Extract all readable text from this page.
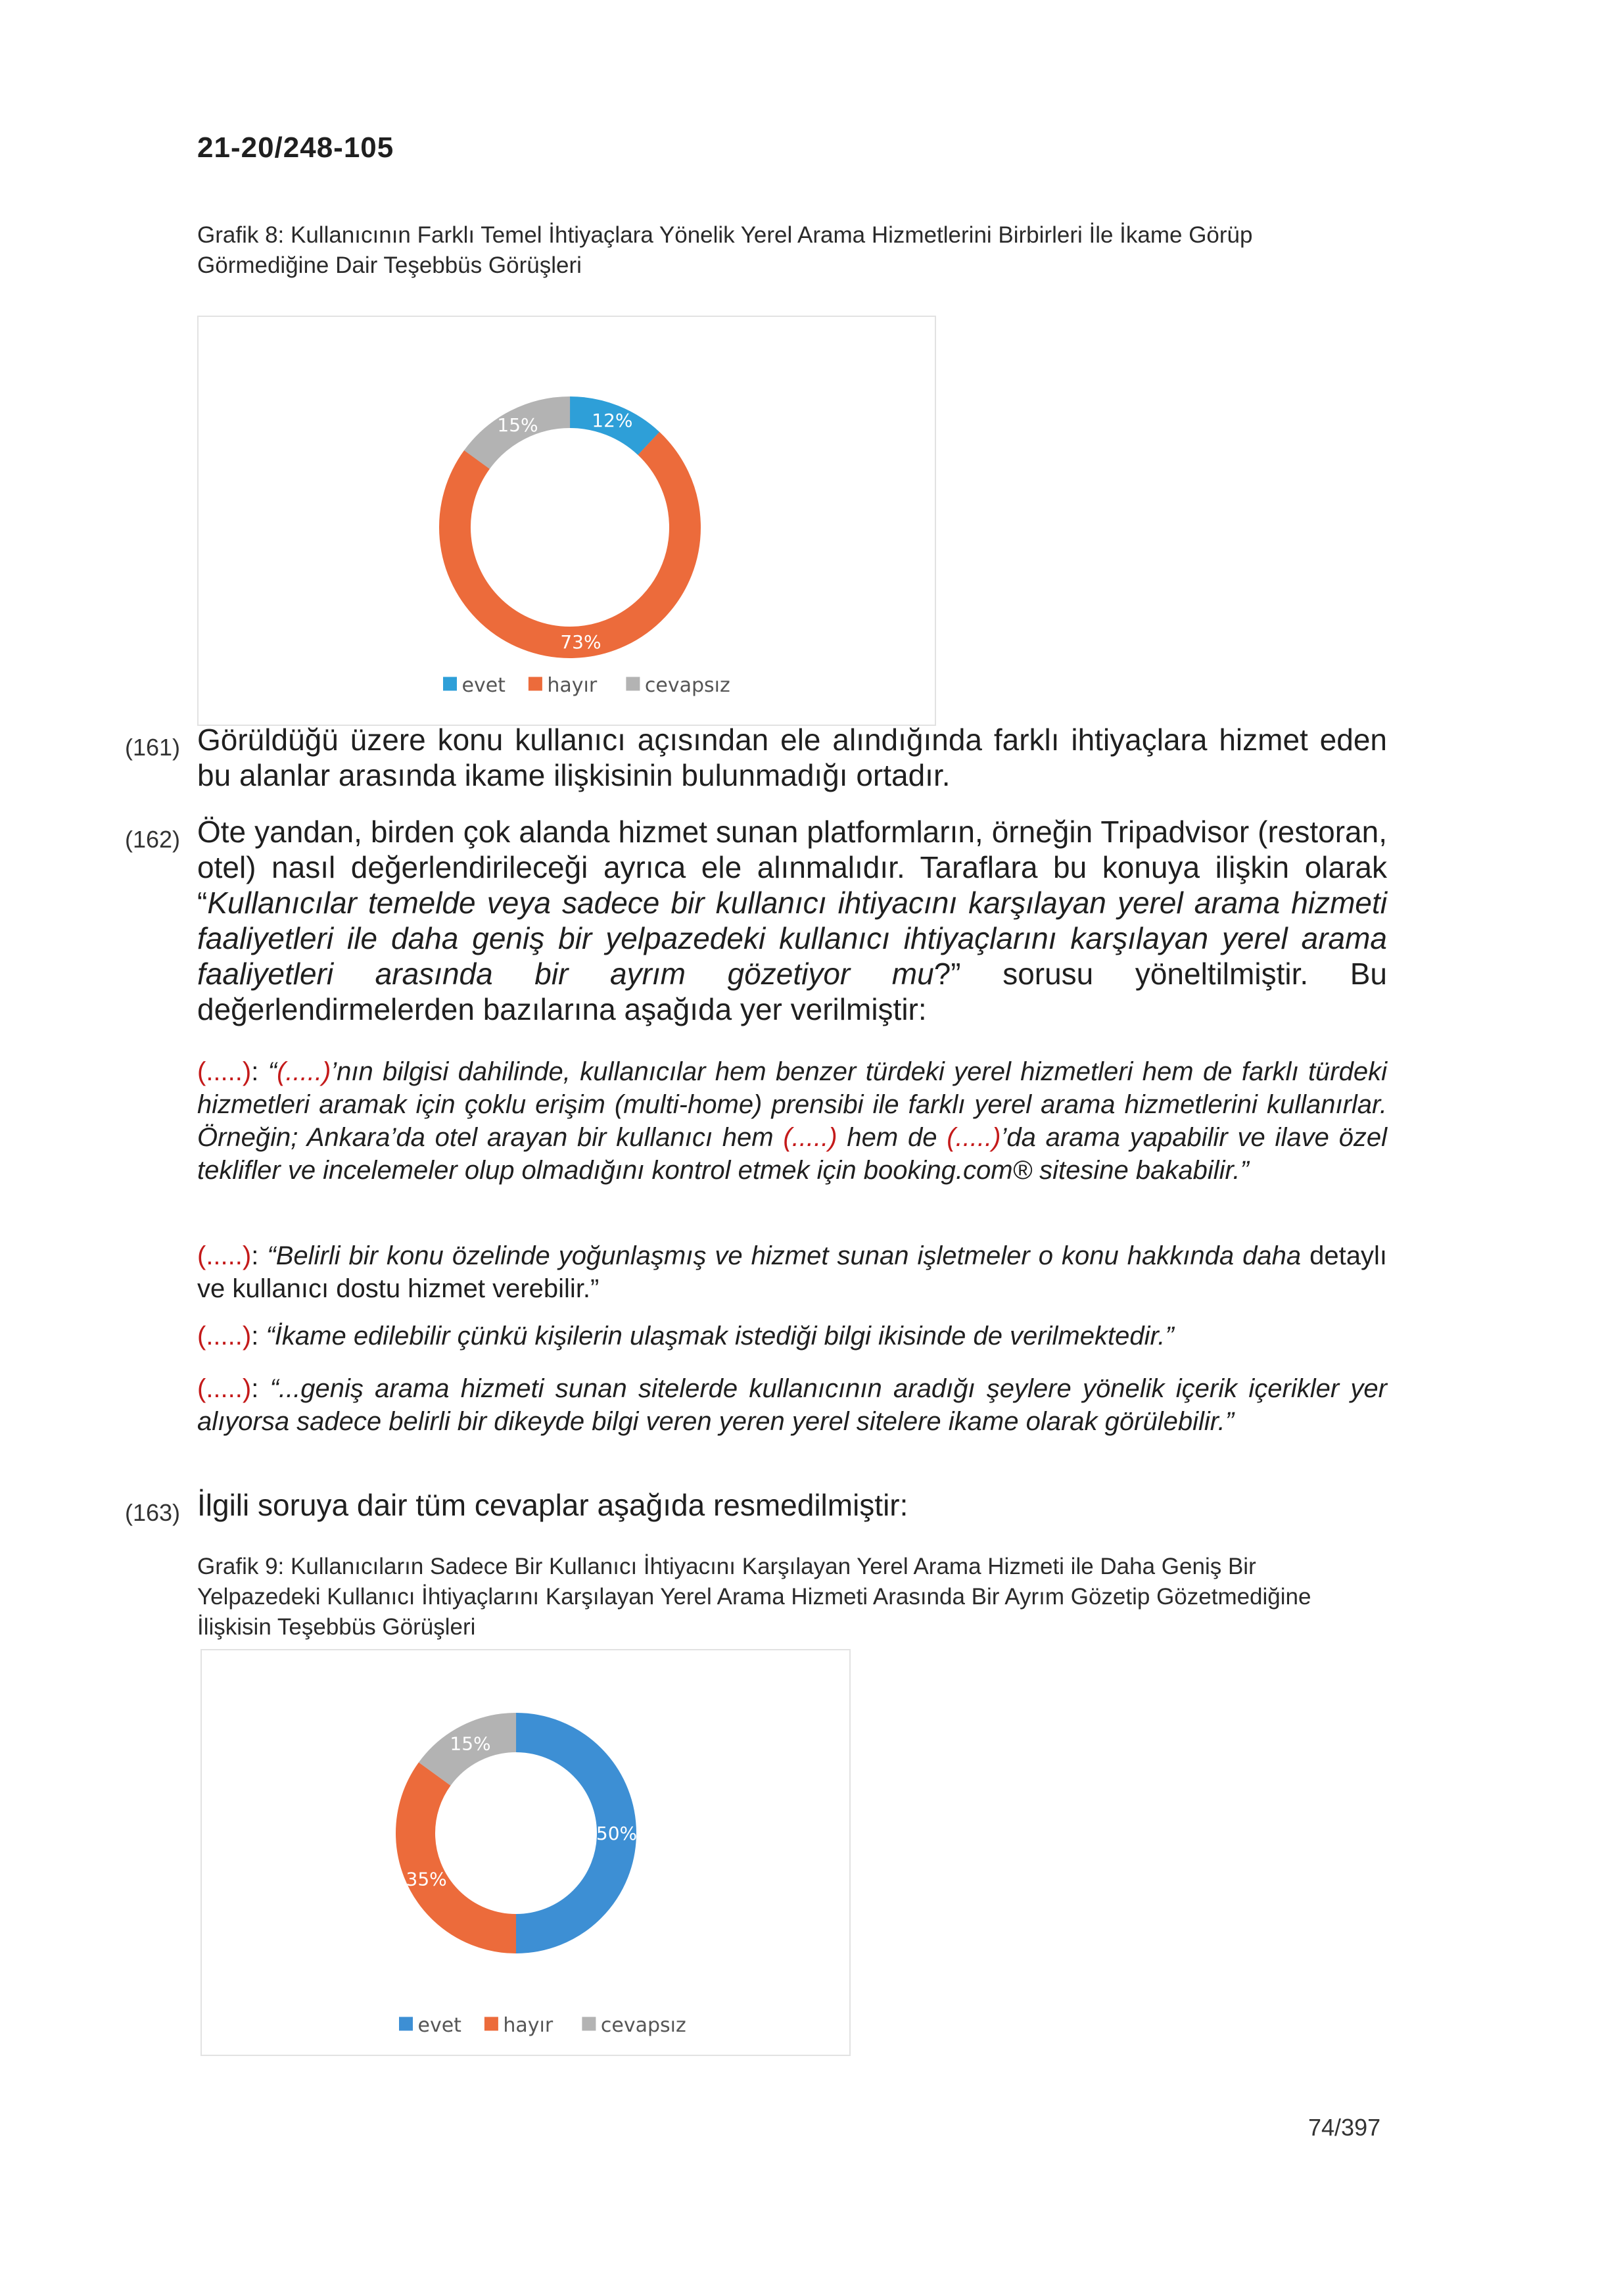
21-20/248-105
Grafik 8: Kullanıcının Farklı Temel İhtiyaçlara Yönelik Yerel Arama Hizmetlerini Birbirleri İle İkame Görüp Görmediğine Dair Teşebbüs Görüşleri
12%
73%
15%
evet hayır cevapsız
(161) Görüldüğü üzere konu kullanıcı açısından ele alındığında farklı ihtiyaçlara hizmet eden bu alanlar arasında ikame ilişkisinin bulunmadığı ortadır.
(162) Öte yandan, birden çok alanda hizmet sunan platformların, örneğin Tripadvisor (restoran, otel) nasıl değerlendirileceği ayrıca ele alınmalıdır. Taraflara bu konuya ilişkin olarak “Kullanıcılar temelde veya sadece bir kullanıcı ihtiyacını karşılayan yerel arama hizmeti faaliyetleri ile daha geniş bir yelpazedeki kullanıcı ihtiyaçlarını karşılayan yerel arama faaliyetleri arasında bir ayrım gözetiyor mu?” sorusu yöneltilmiştir. Bu değerlendirmelerden bazılarına aşağıda yer verilmiştir:
(.....): “(.....)’nın bilgisi dahilinde, kullanıcılar hem benzer türdeki yerel hizmetleri hem de farklı türdeki hizmetleri aramak için çoklu erişim (multi-home) prensibi ile farklı yerel arama hizmetlerini kullanırlar. Örneğin; Ankara’da otel arayan bir kullanıcı hem (.....) hem de (.....)’da arama yapabilir ve ilave özel teklifler ve incelemeler olup olmadığını kontrol etmek için booking.com® sitesine bakabilir.”
(.....): “Belirli bir konu özelinde yoğunlaşmış ve hizmet sunan işletmeler o konu hakkında daha detaylı ve kullanıcı dostu hizmet verebilir.”
(.....): “İkame edilebilir çünkü kişilerin ulaşmak istediği bilgi ikisinde de verilmektedir.”
(.....): “...geniş arama hizmeti sunan sitelerde kullanıcının aradığı şeylere yönelik içerik içerikler yer alıyorsa sadece belirli bir dikeyde bilgi veren yeren yerel sitelere ikame olarak görülebilir.”
(163) İlgili soruya dair tüm cevaplar aşağıda resmedilmiştir:
Grafik 9: Kullanıcıların Sadece Bir Kullanıcı İhtiyacını Karşılayan Yerel Arama Hizmeti ile Daha Geniş Bir Yelpazedeki Kullanıcı İhtiyaçlarını Karşılayan Yerel Arama Hizmeti Arasında Bir Ayrım Gözetip Gözetmediğine İlişkisin Teşebbüs Görüşleri
50%
35%
15%
evet hayır cevapsız
74/397
